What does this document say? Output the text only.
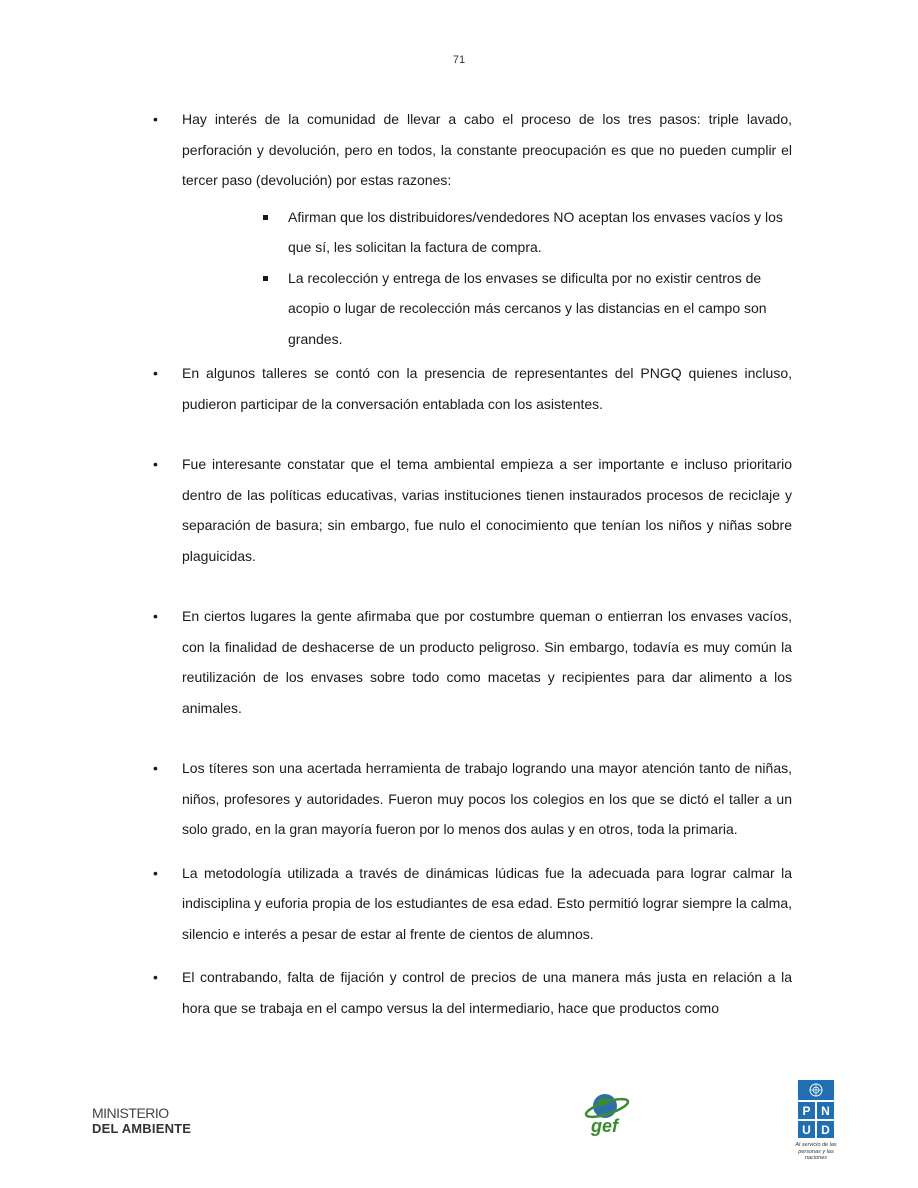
71
• Hay interés de la comunidad de llevar a cabo el proceso de los tres pasos: triple lavado, perforación y devolución, pero en todos, la constante preocupación es que no pueden cumplir el tercer paso (devolución) por estas razones:
Afirman que los distribuidores/vendedores NO aceptan los envases vacíos y los que sí, les solicitan la factura de compra.
La recolección y entrega de los envases se dificulta por no existir centros de acopio o lugar de recolección más cercanos y las distancias en el campo son grandes.
• En algunos talleres se contó con la presencia de representantes del PNGQ quienes incluso, pudieron participar de la conversación entablada con los asistentes.
• Fue interesante constatar que el tema ambiental empieza a ser importante e incluso prioritario dentro de las políticas educativas, varias instituciones tienen instaurados procesos de reciclaje y separación de basura; sin embargo, fue nulo el conocimiento que tenían los niños y niñas sobre plaguicidas.
• En ciertos lugares la gente afirmaba que por costumbre queman o entierran los envases vacíos, con la finalidad de deshacerse de un producto peligroso. Sin embargo, todavía es muy común la reutilización de los envases sobre todo como macetas y recipientes para dar alimento a los animales.
• Los títeres son una acertada herramienta de trabajo logrando una mayor atención tanto de niñas, niños, profesores y autoridades. Fueron muy pocos los colegios en los que se dictó el taller a un solo grado, en la gran mayoría fueron por lo menos dos aulas y en otros, toda la primaria.
• La metodología utilizada a través de dinámicas lúdicas fue la adecuada para lograr calmar la indisciplina y euforia propia de los estudiantes de esa edad. Esto permitió lograr siempre la calma, silencio e interés a pesar de estar al frente de cientos de alumnos.
• El contrabando, falta de fijación y control de precios de una manera más justa en relación a la hora que se trabaja en el campo versus la del intermediario, hace que productos como
MINISTERIO
DEL AMBIENTE	gef
P N
U D
Al servicio de las personas y las naciones
